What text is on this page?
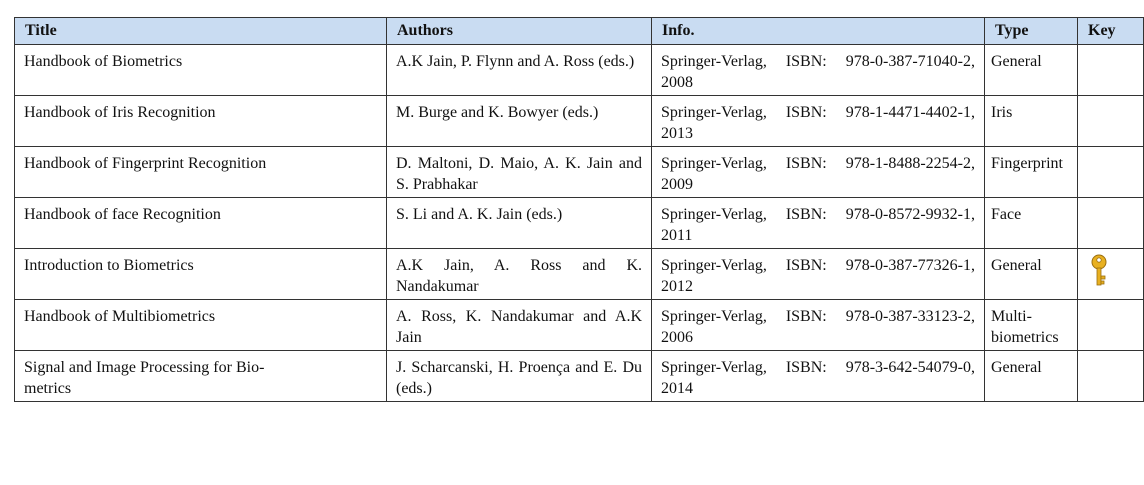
Title	Authors	Info.	Type	Key
Handbook of Biometrics	A.K Jain, P. Flynn and A. Ross (eds.)	Springer-Verlag, ISBN: 978-0-387-71040-2, 2008	General	
Handbook of Iris Recognition	M. Burge and K. Bowyer (eds.)	Springer-Verlag, ISBN: 978-1-4471-4402-1, 2013	Iris	
Handbook of Fingerprint Recognition	D. Maltoni, D. Maio, A. K. Jain and S. Prabhakar	Springer-Verlag, ISBN: 978-1-8488-2254-2, 2009	Fingerprint	
Handbook of face Recognition	S. Li and A. K. Jain (eds.)	Springer-Verlag, ISBN: 978-0-8572-9932-1, 2011	Face	
Introduction to Biometrics	A.K Jain, A. Ross and K. Nandakumar	Springer-Verlag, ISBN: 978-0-387-77326-1, 2012	General	

Handbook of Multibiometrics	A. Ross, K. Nandakumar and A.K Jain	Springer-Verlag, ISBN: 978-0-387-33123-2, 2006	Multi-
biometrics	
Signal and Image Processing for Bio-
metrics	J. Scharcanski, H. Proença and E. Du (eds.)	Springer-Verlag, ISBN: 978-3-642-54079-0, 2014	General	
